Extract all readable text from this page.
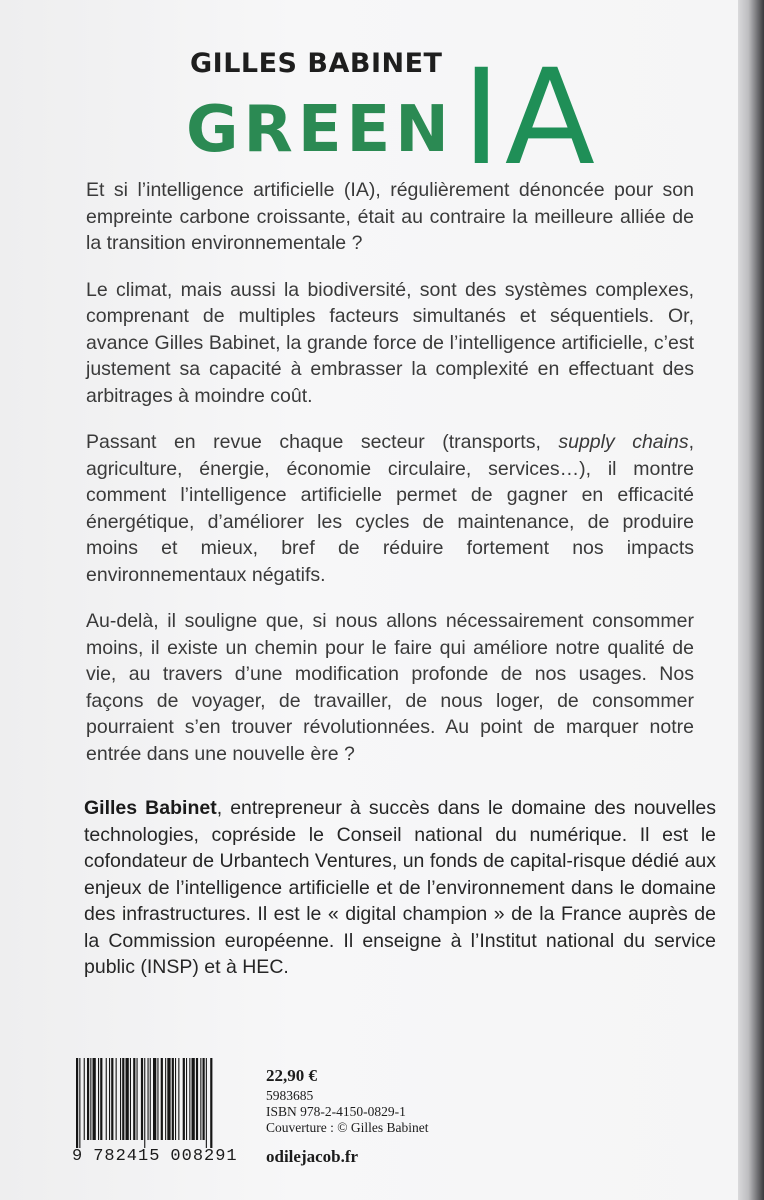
GILLES BABINET
GREENIA

Et si l’intelligence artificielle (IA), régulièrement dénoncée pour son empreinte carbone croissante, était au contraire la meilleure alliée de la transition environnementale ?

Le climat, mais aussi la biodiversité, sont des systèmes complexes, comprenant de multiples facteurs simultanés et séquentiels. Or, avance Gilles Babinet, la grande force de l’intelligence artificielle, c’est justement sa capacité à embrasser la complexité en effectuant des arbitrages à moindre coût.

Passant en revue chaque secteur (transports, supply chains, agriculture, énergie, économie circulaire, services…), il montre comment l’intelligence artificielle permet de gagner en efficacité énergétique, d’améliorer les cycles de maintenance, de produire moins et mieux, bref de réduire fortement nos impacts environnementaux négatifs.

Au-delà, il souligne que, si nous allons nécessairement consommer moins, il existe un chemin pour le faire qui améliore notre qualité de vie, au travers d’une modification profonde de nos usages. Nos façons de voyager, de travailler, de nous loger, de consommer pourraient s’en trouver révolutionnées. Au point de marquer notre entrée dans une nouvelle ère ?

Gilles Babinet, entrepreneur à succès dans le domaine des nouvelles technologies, copréside le Conseil national du numérique. Il est le cofondateur de Urbantech Ventures, un fonds de capital-risque dédié aux enjeux de l’intelligence artificielle et de l’environnement dans le domaine des infrastructures. Il est le « digital champion » de la France auprès de la Commission européenne. Il enseigne à l’Institut national du service public (INSP) et à HEC.

9 782415 008291

22,90 €

5983685

ISBN 978-2-4150-0829-1

Couverture : © Gilles Babinet

odilejacob.fr
